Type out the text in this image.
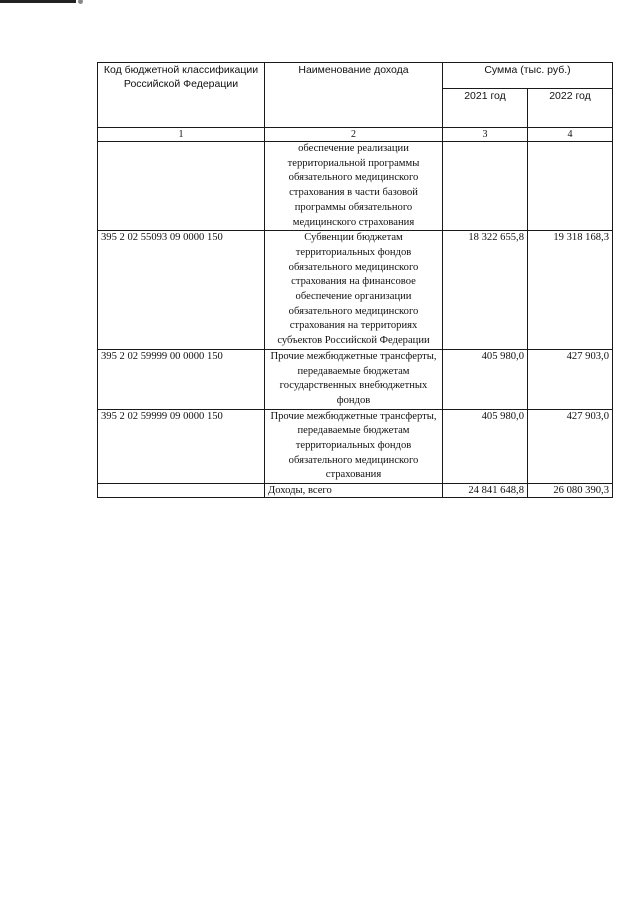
Код бюджетной классификации Российской Федерации	Наименование дохода	Сумма (тыс. руб.)	
		2021 год	2022 год
1	2	3	4
	обеспечение реализации территориальной программы обязательного медицинского страхования в части базовой программы обязательного медицинского страхования		
395 2 02 55093 09 0000 150	Субвенции бюджетам территориальных фондов обязательного медицинского страхования на финансовое обеспечение организации обязательного медицинского страхования на территориях субъектов Российской Федерации	18 322 655,8	19 318 168,3
395 2 02 59999 00 0000 150	Прочие межбюджетные трансферты, передаваемые бюджетам государственных внебюджетных фондов	405 980,0	427 903,0
395 2 02 59999 09 0000 150	Прочие межбюджетные трансферты, передаваемые бюджетам территориальных фондов обязательного медицинского страхования	405 980,0	427 903,0
	Доходы, всего	24 841 648,8	26 080 390,3
